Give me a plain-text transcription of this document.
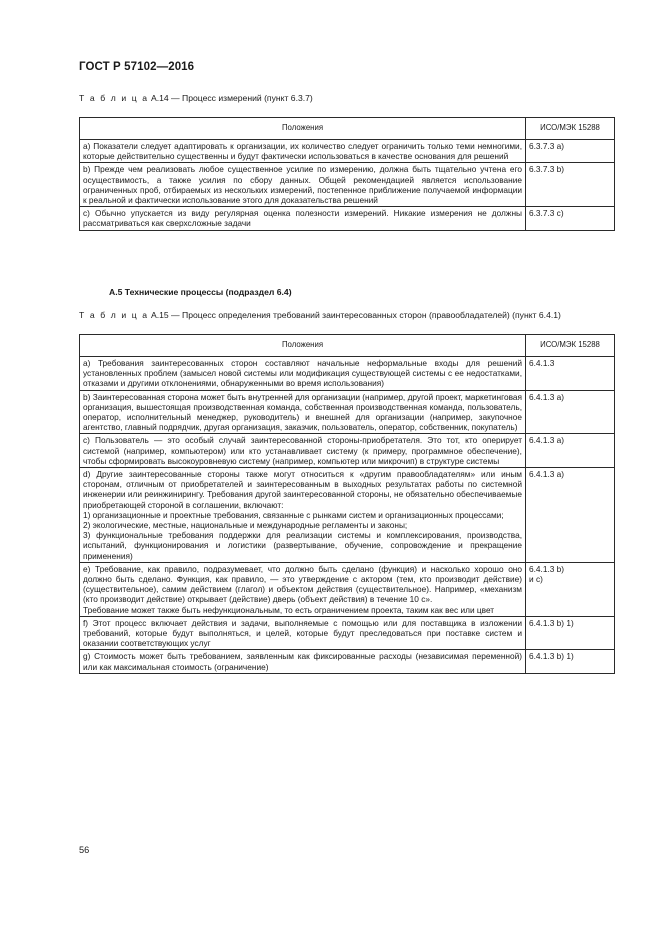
ГОСТ Р 57102—2016
Т а б л и ц а А.14 — Процесс измерений (пункт 6.3.7)
Положения	ИСО/МЭК 15288

a) Показатели следует адаптировать к организации, их количество следует ограничить только теми немногими, которые действительно существенны и будут фактически использоваться в качестве основания для решений	6.3.7.3 a)

b) Прежде чем реализовать любое существенное усилие по измерению, должна быть тщательно учтена его осуществимость, а также усилия по сбору данных. Общей рекомендацией является использование ограниченных проб, отбираемых из нескольких измерений, постепенное приближение получаемой информации к реальной и фактически использование этого для доказательства решений	6.3.7.3 b)

c) Обычно упускается из виду регулярная оценка полезности измерений. Никакие измерения не должны рассматриваться как сверхсложные задачи	6.3.7.3 c)
А.5 Технические процессы (подраздел 6.4)
Т а б л и ц а А.15 — Процесс определения требований заинтересованных сторон (правообладателей) (пункт 6.4.1)
Положения	ИСО/МЭК 15288

a) Требования заинтересованных сторон составляют начальные неформальные входы для решений установленных проблем (замысел новой системы или модификация существующей системы с ее недостатками, отказами и другими отклонениями, обнаруженными во время использования)	6.4.1.3

b) Заинтересованная сторона может быть внутренней для организации (например, другой проект, маркетинговая организация, вышестоящая производственная команда, собственная производственная команда, пользователь, оператор, исполнительный менеджер, руководитель) и внешней для организации (например, закупочное агентство, главный подрядчик, другая организация, заказчик, пользователь, оператор, собственник, покупатель)	6.4.1.3 a)

c) Пользователь — это особый случай заинтересованной стороны-приобретателя. Это тот, кто оперирует системой (например, компьютером) или кто устанавливает систему (к примеру, программное обеспечение), чтобы сформировать высокоуровневую систему (например, компьютер или микрочип) в структуре системы	6.4.1.3 a)

d) Другие заинтересованные стороны также могут относиться к «другим правообладателям» или иным сторонам, отличным от приобретателей и заинтересованным в выходных результатах работы по системной инженерии или реинжинирингу. Требования другой заинтересованной стороны, не обязательно обеспечиваемые приобретающей стороной в соглашении, включают:
1) организационные и проектные требования, связанные с рынками систем и организационных процессами;
2) экологические, местные, национальные и международные регламенты и законы;
3) функциональные требования поддержки для реализации системы и комплексирования, производства, испытаний, функционирования и логистики (развертывание, обучение, сопровождение и прекращение применения)	6.4.1.3 a)

e) Требование, как правило, подразумевает, что должно быть сделано (функция) и насколько хорошо оно должно быть сделано. Функция, как правило, — это утверждение с актором (тем, кто производит действие) (существительное), самим действием (глагол) и объектом действия (существительное). Например, «механизм (кто производит действие) открывает (действие) дверь (объект действия) в течение 10 с».
Требование может также быть нефункциональным, то есть ограничением проекта, таким как вес или цвет	6.4.1.3 b)
и c)

f) Этот процесс включает действия и задачи, выполняемые с помощью или для поставщика в изложении требований, которые будут выполняться, и целей, которые будут преследоваться при поставке систем и оказании соответствующих услуг	6.4.1.3 b) 1)

g) Стоимость может быть требованием, заявленным как фиксированные расходы (независимая переменной) или как максимальная стоимость (ограничение)	6.4.1.3 b) 1)
56
